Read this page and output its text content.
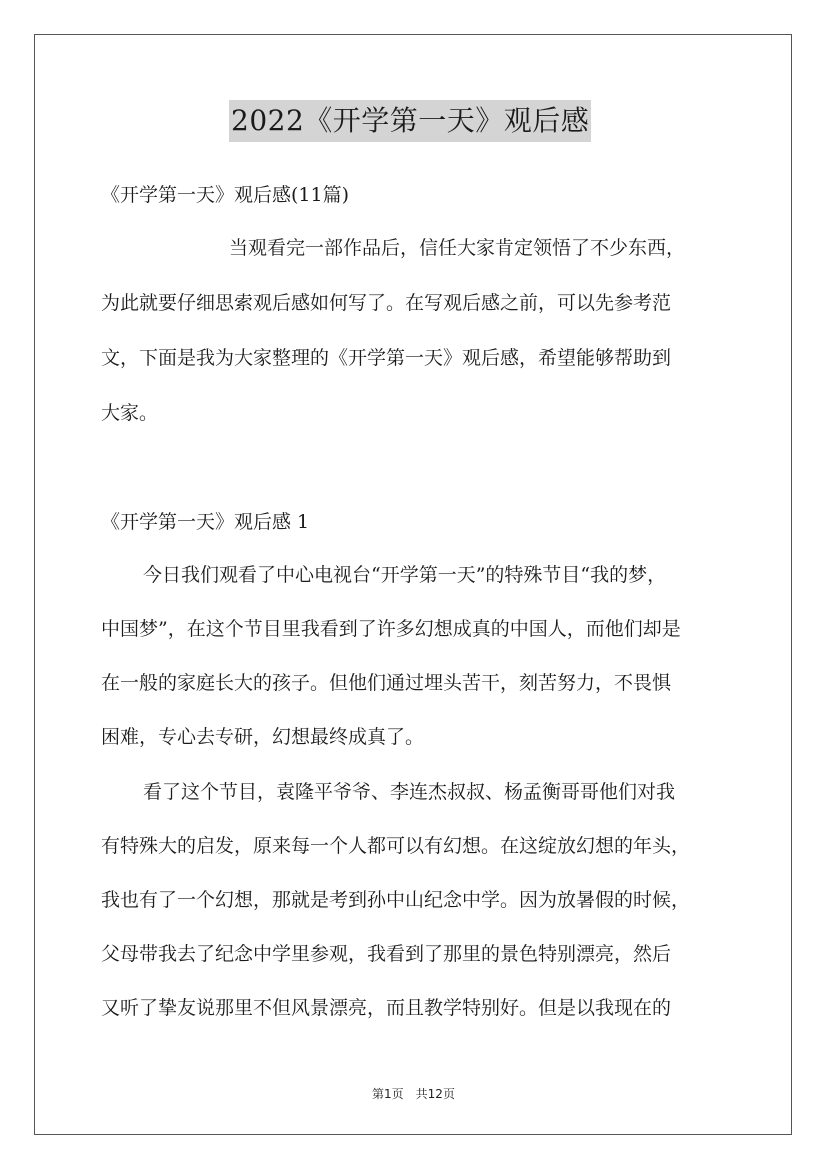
2022《开学第一天》观后感
《开学第一天》观后感(11篇)
当观看完一部作品后，信任大家肯定领悟了不少东西，
为此就要仔细思索观后感如何写了。在写观后感之前，可以先参考范
文，下面是我为大家整理的《开学第一天》观后感，希望能够帮助到
大家。
《开学第一天》观后感 1
今日我们观看了中心电视台“开学第一天”的特殊节目“我的梦，
中国梦”，在这个节目里我看到了许多幻想成真的中国人，而他们却是
在一般的家庭长大的孩子。但他们通过埋头苦干，刻苦努力，不畏惧
困难，专心去专研，幻想最终成真了。
看了这个节目，袁隆平爷爷、李连杰叔叔、杨孟衡哥哥他们对我
有特殊大的启发，原来每一个人都可以有幻想。在这绽放幻想的年头，
我也有了一个幻想，那就是考到孙中山纪念中学。因为放暑假的时候，
父母带我去了纪念中学里参观，我看到了那里的景色特别漂亮，然后
又听了挚友说那里不但风景漂亮，而且教学特别好。但是以我现在的
第1页 共12页
